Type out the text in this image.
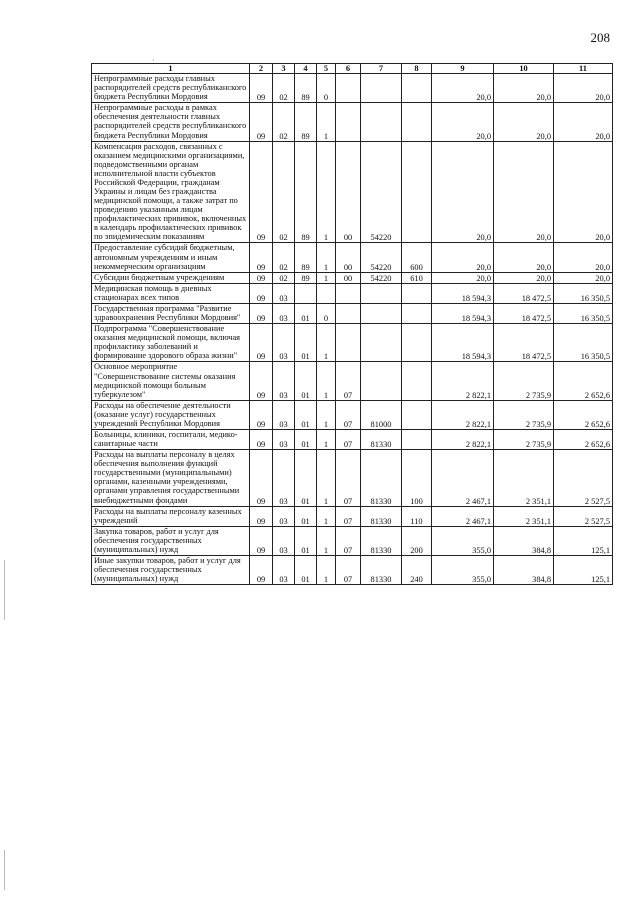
208
·
1	2	3	4	5	6	7	8	9	10	11
Непрограммные расходы главных распорядителей средств республиканского бюджета Республики Мордовия	09	02	89	0				20,0	20,0	20,0
Непрограммные расходы в рамках обеспечения деятельности главных распорядителей средств республиканского бюджета Республики Мордовия	09	02	89	1				20,0	20,0	20,0
Компенсация расходов, связанных с оказанием медицинскими организациями, подведомственными органам исполнительной власти субъектов Российской Федерации, гражданам Украины и лицам без гражданства медицинской помощи, а также затрат по проведению указанным лицам профилактических прививок, включенных в календарь профилактических прививок по эпидемическим показаниям	09	02	89	1	00	54220		20,0	20,0	20,0
Предоставление субсидий бюджетным, автономным учреждениям и иным некоммерческим организациям	09	02	89	1	00	54220	600	20,0	20,0	20,0
Субсидии бюджетным учреждениям	09	02	89	1	00	54220	610	20,0	20,0	20,0
Медицинская помощь в дневных стационарах всех типов	09	03						18 594,3	18 472,5	16 350,5
Государственная программа "Развитие здравоохранения Республики Мордовия"	09	03	01	0				18 594,3	18 472,5	16 350,5
Подпрограмма "Совершенствование оказания медицинской помощи, включая профилактику заболеваний и формирование здорового образа жизни"	09	03	01	1				18 594,3	18 472,5	16 350,5
Основное мероприятие "Совершенствование системы оказания медицинской помощи больным туберкулезом"	09	03	01	1	07			2 822,1	2 735,9	2 652,6
Расходы на обеспечение деятельности (оказание услуг) государственных учреждений Республики Мордовия	09	03	01	1	07	81000		2 822,1	2 735,9	2 652,6
Больницы, клиники, госпитали, медико-санитарные части	09	03	01	1	07	81330		2 822,1	2 735,9	2 652,6
Расходы на выплаты персоналу в целях обеспечения выполнения функций государственными (муниципальными) органами, казенными учреждениями, органами управления государственными внебюджетными фондами	09	03	01	1	07	81330	100	2 467,1	2 351,1	2 527,5
Расходы на выплаты персоналу казенных учреждений	09	03	01	1	07	81330	110	2 467,1	2 351,1	2 527,5
Закупка товаров, работ и услуг для обеспечения государственных (муниципальных) нужд	09	03	01	1	07	81330	200	355,0	384,8	125,1
Иные закупки товаров, работ и услуг для обеспечения государственных (муниципальных) нужд	09	03	01	1	07	81330	240	355,0	384,8	125,1
